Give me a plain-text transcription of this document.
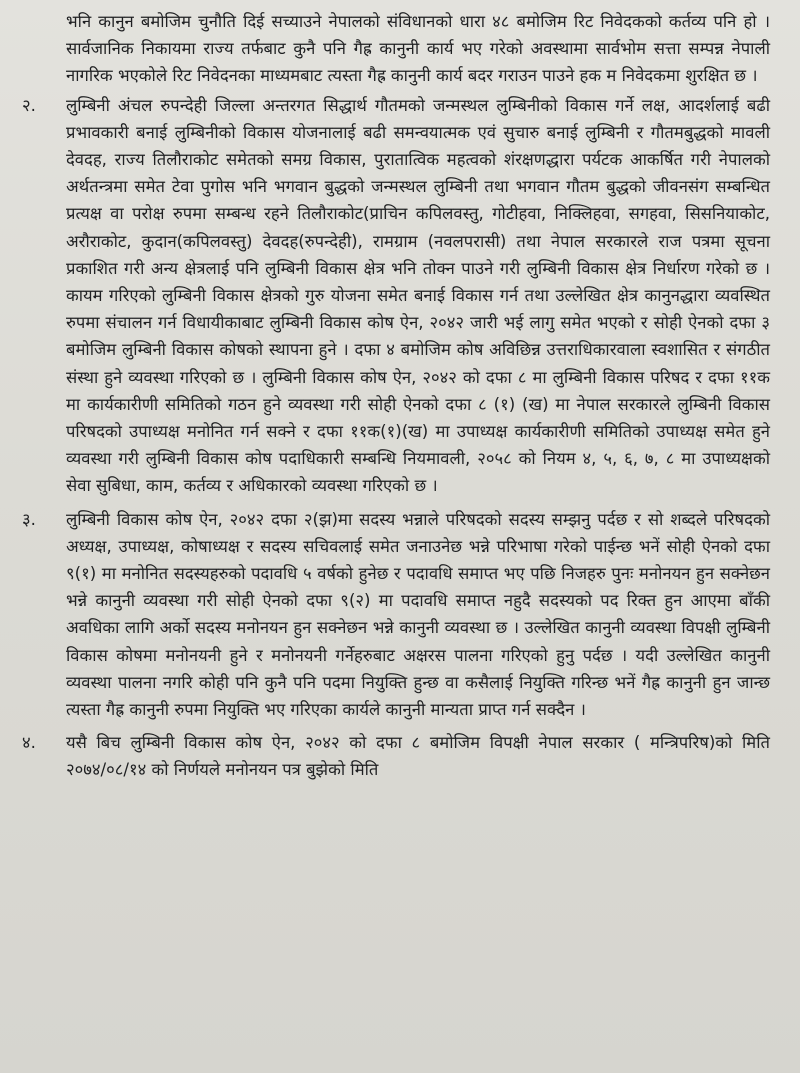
भनि कानुन बमोजिम चुनौति दिई सच्याउने नेपालको संविधानको धारा ४८ बमोजिम रिट निवेदकको कर्तव्य पनि हो । सार्वजानिक निकायमा राज्य तर्फबाट कुनै पनि गैह्र कानुनी कार्य भए गरेको अवस्थामा सार्वभोम सत्ता सम्पन्न नेपाली नागरिक भएकोले रिट निवेदनका माध्यमबाट त्यस्ता गैह्र कानुनी कार्य बदर गराउन पाउने हक म निवेदकमा शुरक्षित छ ।

२.	लुम्बिनी अंचल रुपन्देही जिल्ला अन्तरगत सिद्धार्थ गौतमको जन्मस्थल लुम्बिनीको विकास गर्ने लक्ष, आदर्शलाई बढी प्रभावकारी बनाई लुम्बिनीको विकास योजनालाई बढी समन्वयात्मक एवं सुचारु बनाई लुम्बिनी र गौतमबुद्धको मावली देवदह, राज्य तिलौराकोट समेतको समग्र विकास, पुरातात्विक महत्वको शंरक्षणद्धारा पर्यटक आकर्षित गरी नेपालको अर्थतन्त्रमा समेत टेवा पुगोस भनि भगवान बुद्धको जन्मस्थल लुम्बिनी तथा भगवान गौतम बुद्धको जीवनसंग सम्बन्धित प्रत्यक्ष वा परोक्ष रुपमा सम्बन्ध रहने तिलौराकोट(प्राचिन कपिलवस्तु, गोटीहवा, निक्लिहवा, सगहवा, सिसनियाकोट, अरौराकोट, कुदान(कपिलवस्तु) देवदह(रुपन्देही), रामग्राम (नवलपरासी) तथा नेपाल सरकारले राज पत्रमा सूचना प्रकाशित गरी अन्य क्षेत्रलाई पनि लुम्बिनी विकास क्षेत्र भनि तोक्न पाउने गरी लुम्बिनी विकास क्षेत्र निर्धारण गरेको छ । कायम गरिएको लुम्बिनी विकास क्षेत्रको गुरु योजना समेत बनाई विकास गर्न तथा उल्लेखित क्षेत्र कानुनद्धारा व्यवस्थित रुपमा संचालन गर्न विधायीकाबाट लुम्बिनी विकास कोष ऐन, २०४२ जारी भई लागु समेत भएको र सोही ऐनको दफा ३ बमोजिम लुम्बिनी विकास कोषको स्थापना हुने । दफा ४ बमोजिम कोष अविछिन्न उत्तराधिकारवाला स्वशासित र संगठीत संस्था हुने व्यवस्था गरिएको छ । लुम्बिनी विकास कोष ऐन, २०४२ को दफा ८ मा लुम्बिनी विकास परिषद र दफा ११क मा कार्यकारीणी समितिको गठन हुने व्यवस्था गरी सोही ऐनको दफा ८ (१) (ख) मा नेपाल सरकारले लुम्बिनी विकास परिषदको उपाध्यक्ष मनोनित गर्न सक्ने र दफा ११क(१)(ख) मा उपाध्यक्ष कार्यकारीणी समितिको उपाध्यक्ष समेत हुने व्यवस्था गरी लुम्बिनी विकास कोष पदाधिकारी सम्बन्धि नियमावली, २०५८ को नियम ४, ५, ६, ७, ८ मा उपाध्यक्षको सेवा सुबिधा, काम, कर्तव्य र अधिकारको व्यवस्था गरिएको छ ।
३.	लुम्बिनी विकास कोष ऐन, २०४२ दफा २(झ)मा सदस्य भन्नाले परिषदको सदस्य सम्झनु पर्दछ र सो शब्दले परिषदको अध्यक्ष, उपाध्यक्ष, कोषाध्यक्ष र सदस्य सचिवलाई समेत जनाउनेछ भन्ने परिभाषा गरेको पाईन्छ भनें सोही ऐनको दफा ९(१) मा मनोनित सदस्यहरुको पदावधि ५ वर्षको हुनेछ र पदावधि समाप्त भए पछि निजहरु पुनः मनोनयन हुन सक्नेछन भन्ने कानुनी व्यवस्था गरी सोही ऐनको दफा ९(२) मा पदावधि समाप्त नहुदै सदस्यको पद रिक्त हुन आएमा बाँकी अवधिका लागि अर्को सदस्य मनोनयन हुन सक्नेछन भन्ने कानुनी व्यवस्था छ । उल्लेखित कानुनी व्यवस्था विपक्षी लुम्बिनी विकास कोषमा मनोनयनी हुने र मनोनयनी गर्नेहरुबाट अक्षरस पालना गरिएको हुनु पर्दछ । यदी उल्लेखित कानुनी व्यवस्था पालना नगरि कोही पनि कुनै पनि पदमा नियुक्ति हुन्छ वा कसैलाई नियुक्ति गरिन्छ भनें गैह्र कानुनी हुन जान्छ त्यस्ता गैह्र कानुनी रुपमा नियुक्ति भए गरिएका कार्यले कानुनी मान्यता प्राप्त गर्न सक्दैन ।
४.	यसै बिच लुम्बिनी विकास कोष ऐन, २०४२ को दफा ८ बमोजिम विपक्षी नेपाल सरकार ( मन्त्रिपरिष)को मिति २०७४/०८/१४ को निर्णयले मनोनयन पत्र बुझेको मिति
